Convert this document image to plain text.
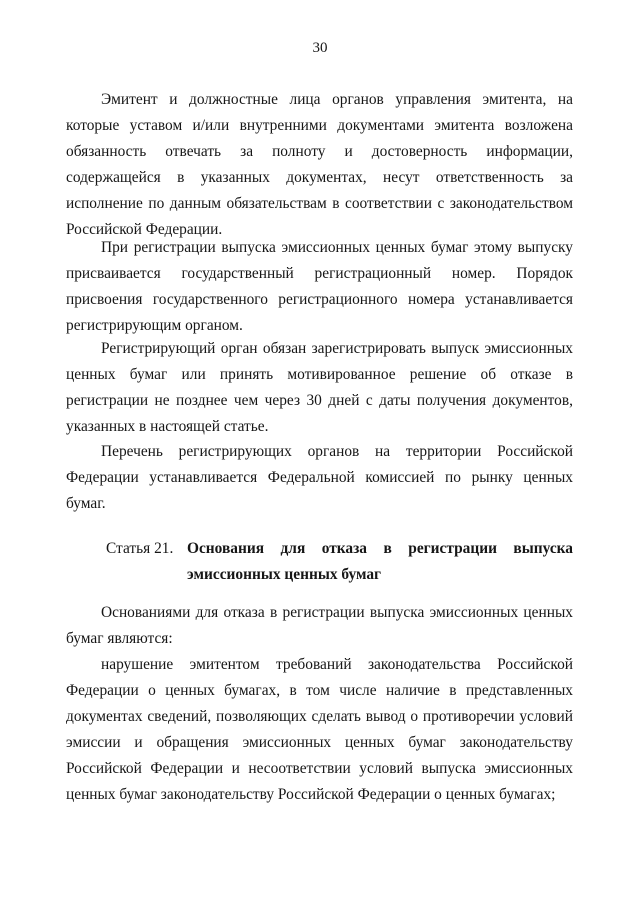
30

Эмитент и должностные лица органов управления эмитента, на которые уставом и/или внутренними документами эмитента возложена обязанность отвечать за полноту и достоверность информации, содержащейся в указанных документах, несут ответственность за исполнение по данным обязательствам в соответствии с законодательством Российской Федерации.

При регистрации выпуска эмиссионных ценных бумаг этому выпуску присваивается государственный регистрационный номер. Порядок присвоения государственного регистрационного номера устанавливается регистрирующим органом.

Регистрирующий орган обязан зарегистрировать выпуск эмиссионных ценных бумаг или принять мотивированное решение об отказе в регистрации не позднее чем через 30 дней с даты получения документов, указанных в настоящей статье.

Перечень регистрирующих органов на территории Российской Федерации устанавливается Федеральной комиссией по рынку ценных бумаг.

Статья 21. Основания для отказа в регистрации выпуска эмиссионных ценных бумаг

Основаниями для отказа в регистрации выпуска эмиссионных ценных бумаг являются:

нарушение эмитентом требований законодательства Российской Федерации о ценных бумагах, в том числе наличие в представленных документах сведений, позволяющих сделать вывод о противоречии условий эмиссии и обращения эмиссионных ценных бумаг законодательству Российской Федерации и несоответствии условий выпуска эмиссионных ценных бумаг законодательству Российской Федерации о ценных бумагах;
